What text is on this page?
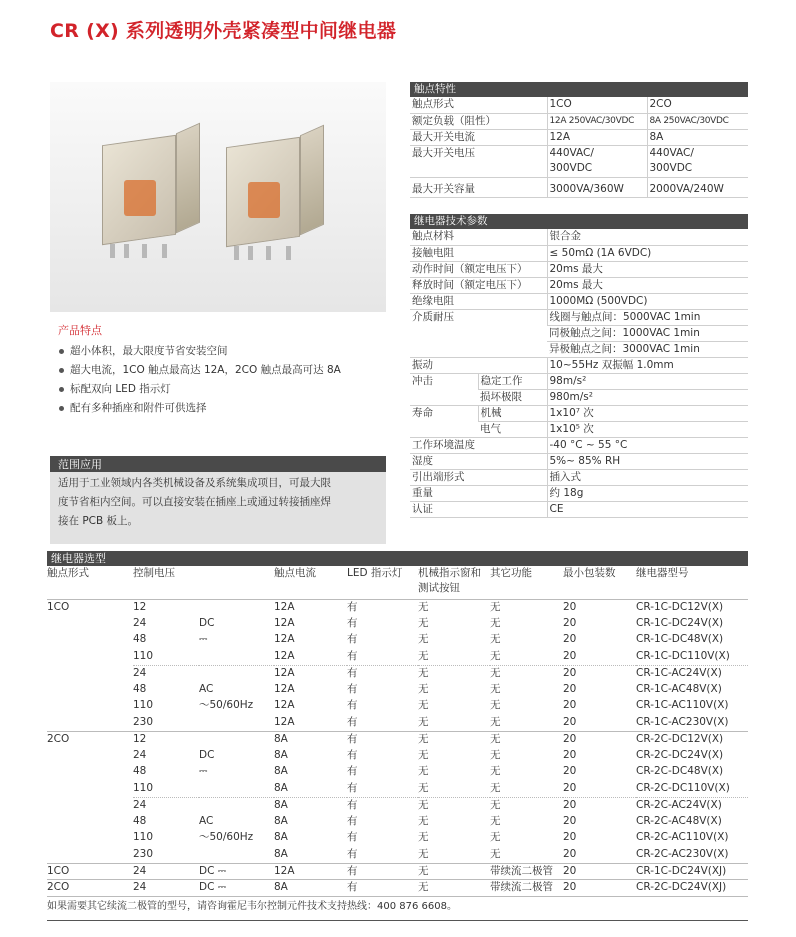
CR (X) 系列透明外壳紧凑型中间继电器
产品特点
超小体积，最大限度节省安装空间
超大电流，1CO 触点最高达 12A，2CO 触点最高可达 8A
标配双向 LED 指示灯
配有多种插座和附件可供选择
范围应用
适用于工业领域内各类机械设备及系统集成项目，可最大限
度节省柜内空间。可以直接安装在插座上或通过转接插座焊
接在 PCB 板上。
触点特性		
触点形式	1CO	2CO
额定负载（阻性）	12A 250VAC/30VDC	8A 250VAC/30VDC
最大开关电流	12A	8A
最大开关电压	440VAC/	440VAC/
	300VDC	300VDC
最大开关容量	3000VA/360W	2000VA/240W
继电器技术参数		
触点材料		银合金
接触电阻		≤ 50mΩ (1A 6VDC)
动作时间（额定电压下）		20ms 最大
释放时间（额定电压下）		20ms 最大
绝缘电阻		1000MΩ (500VDC)
介质耐压		线圈与触点间：5000VAC 1min
		同极触点之间：1000VAC 1min
		异极触点之间：3000VAC 1min
振动		10~55Hz 双振幅 1.0mm
冲击	稳定工作	98m/s²
	损坏极限	980m/s²
寿命	机械	1x10⁷ 次
	电气	1x10⁵ 次
工作环境温度		-40 °C ~ 55 °C
湿度		5%~ 85% RH
引出端形式		插入式
重量		约 18g
认证		CE
继电器选型
触点形式	控制电压		触点电流	LED 指示灯	机械指示窗和测试按钮	其它功能	最小包装数	继电器型号
1CO	12		12A	有	无	无	20	CR-1C-DC12V(X)
	24	DC	12A	有	无	无	20	CR-1C-DC24V(X)
	48	⎓	12A	有	无	无	20	CR-1C-DC48V(X)
	110		12A	有	无	无	20	CR-1C-DC110V(X)
	24		12A	有	无	无	20	CR-1C-AC24V(X)
	48	AC	12A	有	无	无	20	CR-1C-AC48V(X)
	110	～50/60Hz	12A	有	无	无	20	CR-1C-AC110V(X)
	230		12A	有	无	无	20	CR-1C-AC230V(X)
2CO	12		8A	有	无	无	20	CR-2C-DC12V(X)
	24	DC	8A	有	无	无	20	CR-2C-DC24V(X)
	48	⎓	8A	有	无	无	20	CR-2C-DC48V(X)
	110		8A	有	无	无	20	CR-2C-DC110V(X)
	24		8A	有	无	无	20	CR-2C-AC24V(X)
	48	AC	8A	有	无	无	20	CR-2C-AC48V(X)
	110	～50/60Hz	8A	有	无	无	20	CR-2C-AC110V(X)
	230		8A	有	无	无	20	CR-2C-AC230V(X)
1CO	24	DC ⎓	12A	有	无	带续流二极管	20	CR-1C-DC24V(XJ)
2CO	24	DC ⎓	8A	有	无	带续流二极管	20	CR-2C-DC24V(XJ)
如果需要其它续流二极管的型号，请咨询霍尼韦尔控制元件技术支持热线：400 876 6608。
